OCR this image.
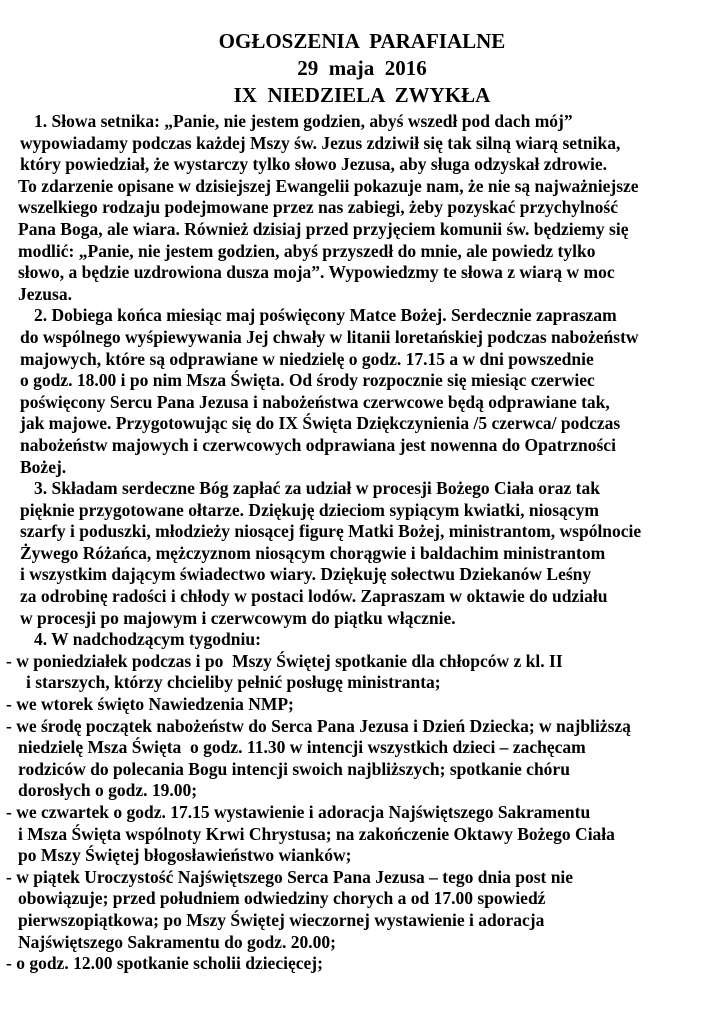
OGŁOSZENIA  PARAFIALNE
29  maja  2016
IX  NIEDZIELA  ZWYKŁA
1. Słowa setnika: „Panie, nie jestem godzien, abyś wszedł pod dach mój”
wypowiadamy podczas każdej Mszy św. Jezus zdziwił się tak silną wiarą setnika,
który powiedział, że wystarczy tylko słowo Jezusa, aby sługa odzyskał zdrowie.
To zdarzenie opisane w dzisiejszej Ewangelii pokazuje nam, że nie są najważniejsze
wszelkiego rodzaju podejmowane przez nas zabiegi, żeby pozyskać przychylność
Pana Boga, ale wiara. Również dzisiaj przed przyjęciem komunii św. będziemy się
modlić: „Panie, nie jestem godzien, abyś przyszedł do mnie, ale powiedz tylko
słowo, a będzie uzdrowiona dusza moja”. Wypowiedzmy te słowa z wiarą w moc
Jezusa.
2. Dobiega końca miesiąc maj poświęcony Matce Bożej. Serdecznie zapraszam
do wspólnego wyśpiewywania Jej chwały w litanii loretańskiej podczas nabożeństw
majowych, które są odprawiane w niedzielę o godz. 17.15 a w dni powszednie
o godz. 18.00 i po nim Msza Święta. Od środy rozpocznie się miesiąc czerwiec
poświęcony Sercu Pana Jezusa i nabożeństwa czerwcowe będą odprawiane tak,
jak majowe. Przygotowując się do IX Święta Dziękczynienia /5 czerwca/ podczas
nabożeństw majowych i czerwcowych odprawiana jest nowenna do Opatrzności
Bożej.
3. Składam serdeczne Bóg zapłać za udział w procesji Bożego Ciała oraz tak
pięknie przygotowane ołtarze. Dziękuję dzieciom sypiącym kwiatki, niosącym
szarfy i poduszki, młodzieży niosącej figurę Matki Bożej, ministrantom, wspólnocie
Żywego Różańca, mężczyznom niosącym chorągwie i baldachim ministrantom
i wszystkim dającym świadectwo wiary. Dziękuję sołectwu Dziekanów Leśny
za odrobinę radości i chłody w postaci lodów. Zapraszam w oktawie do udziału
w procesji po majowym i czerwcowym do piątku włącznie.
4. W nadchodzącym tygodniu:
- w poniedziałek podczas i po  Mszy Świętej spotkanie dla chłopców z kl. II
i starszych, którzy chcieliby pełnić posługę ministranta;
- we wtorek święto Nawiedzenia NMP;
- we środę początek nabożeństw do Serca Pana Jezusa i Dzień Dziecka; w najbliższą
niedzielę Msza Święta  o godz. 11.30 w intencji wszystkich dzieci – zachęcam
rodziców do polecania Bogu intencji swoich najbliższych; spotkanie chóru
dorosłych o godz. 19.00;
- we czwartek o godz. 17.15 wystawienie i adoracja Najświętszego Sakramentu
i Msza Święta wspólnoty Krwi Chrystusa; na zakończenie Oktawy Bożego Ciała
po Mszy Świętej błogosławieństwo wianków;
- w piątek Uroczystość Najświętszego Serca Pana Jezusa – tego dnia post nie
obowiązuje; przed południem odwiedziny chorych a od 17.00 spowiedź
pierwszopiątkowa; po Mszy Świętej wieczornej wystawienie i adoracja
Najświętszego Sakramentu do godz. 20.00;
- o godz. 12.00 spotkanie scholii dziecięcej;
